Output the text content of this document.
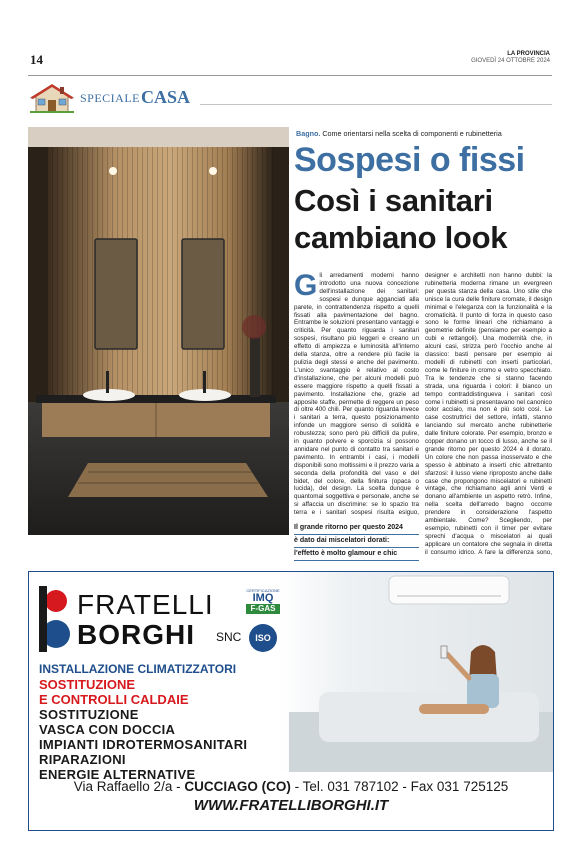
14	LA PROVINCIA
GIOVEDÌ 24 OTTOBRE 2024
SPECIALE CASA
Bagno. Come orientarsi nella scelta di componenti e rubinetteria
Sospesi o fissi
Così i sanitari
cambiano look
Gli arredamenti moderni hanno introdotto una nuova concezione dell'installazione dei sanitari: sospesi e dunque agganciati alla parete, in contrattendenza rispetto a quelli fissati alla pavimentazione del bagno. Entrambe le soluzioni presentano vantaggi e criticità. Per quanto riguarda i sanitari sospesi, risultano più leggeri e creano un effetto di ampiezza e luminosità all'interno della stanza, oltre a rendere più facile la pulizia degli stessi e anche del pavimento. L'unico svantaggio è relativo al costo d'installazione, che per alcuni modelli può essere maggiore rispetto a quelli fissati a pavimento. Installazione che, grazie ad apposite staffe, permette di reggere un peso di oltre 400 chili. Per quanto riguarda invece i sanitari a terra, questo posizionamento infonde un maggiore senso di solidità e robustezza; sono però più difficili da pulire, in quanto polvere e sporcizia si possono annidare nel punto di contatto tra sanitari e pavimento. In entrambi i casi, i modelli disponibili sono moltissimi e il prezzo varia a seconda della profondità del vaso e del bidet, del colore, della finitura (opaca o lucida), del design. La scelta dunque è quantomai soggettiva e personale, anche se si affaccia un discrimine: se lo spazio tra terra e i sanitari sospesi risulta esiguo,
Il grande ritorno per questo 2024
è dato dai miscelatori dorati:
l'effetto è molto glamour e chic
designer e architetti non hanno dubbi: la rubinetteria moderna rimane un evergreen per questa stanza della casa. Uno stile che unisce la cura delle finiture cromate, il design minimal e l'eleganza con la funzionalità e la cromaticità. Il punto di forza in questo caso sono le forme lineari che richiamano a geometrie definite (pensiamo per esempio a cubi e rettangoli). Una modernità che, in alcuni casi, strizza però l'occhio anche al classico: basti pensare per esempio ai modelli di rubinetti con inserti particolari, come le finiture in cromo e vetro specchiato. Tra le tendenze che si stanno facendo strada, una riguarda i colori: il bianco un tempo contraddistingueva i sanitari così come i rubinetti si presentavano nel canonico color acciaio, ma non è più solo così. Le case costruttrici del settore, infatti, stanno lanciando sul mercato anche rubinetterie dalle finiture colorate. Per esempio, bronzo e copper donano un tocco di lusso, anche se il grande ritorno per questo 2024 è il dorato. Un colore che non passa inosservato e che spesso è abbinato a inserti chic altrettanto sfarzosi: il lusso viene riproposto anche dalle case che propongono miscelatori e rubinetti vintage, che richiamano agli anni Venti e donano all'ambiente un aspetto retrò. Infine, nella scelta dell'arredo bagno occorre prendere in considerazione l'aspetto ambientale. Come? Scegliendo, per esempio, rubinetti con il timer per evitare sprechi d'acqua o miscelatori ai quali applicare un contatore che segnala in diretta il consumo idrico. A fare la differenza sono,
FRATELLI
BORGHI SNC
CERTIFICAZIONE
IMQ
F-GAS
ISO
INSTALLAZIONE CLIMATIZZATORI
SOSTITUZIONE
E CONTROLLI CALDAIE
SOSTITUZIONE
VASCA CON DOCCIA
IMPIANTI IDROTERMOSANITARI
RIPARAZIONI
ENERGIE ALTERNATIVE
Via Raffaello 2/a - CUCCIAGO (CO) - Tel. 031 787102 - Fax 031 725125
WWW.FRATELLIBORGHI.IT
